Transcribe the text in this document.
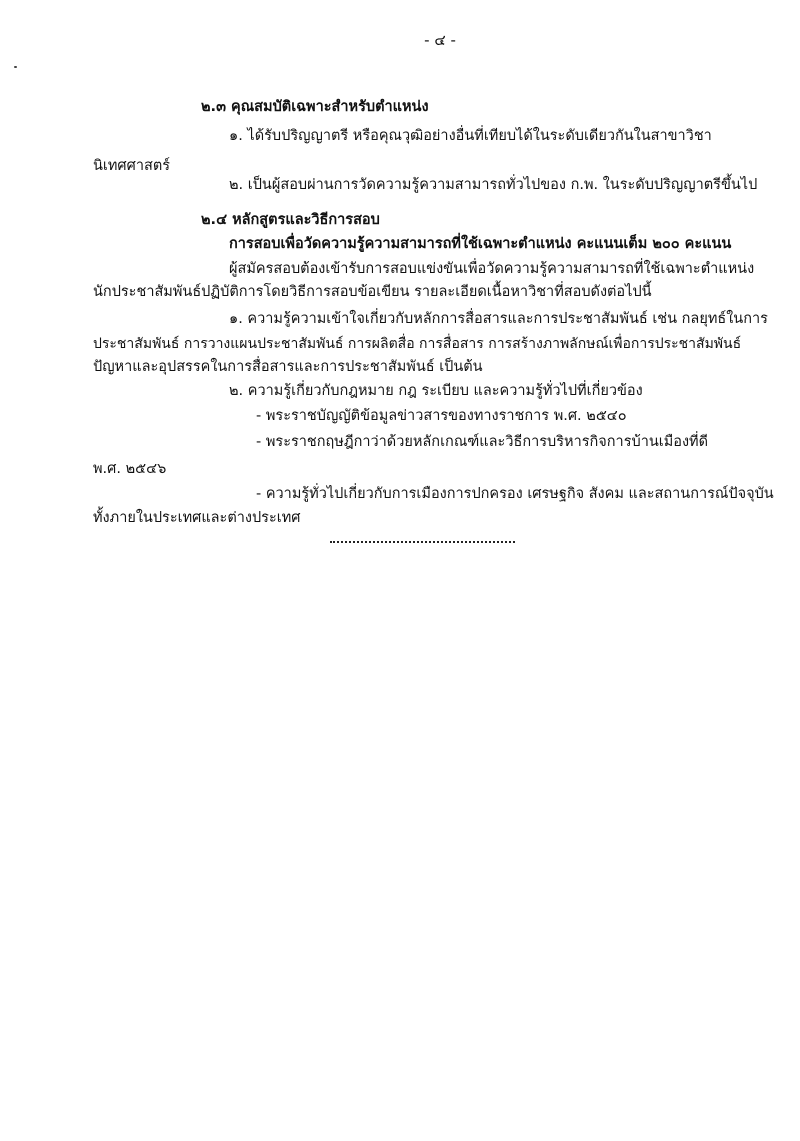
- ๔ -
๒.๓ คุณสมบัติเฉพาะสำหรับตำแหน่ง
๑. ได้รับปริญญาตรี หรือคุณวุฒิอย่างอื่นที่เทียบได้ในระดับเดียวกันในสาขาวิชา
นิเทศศาสตร์
๒. เป็นผู้สอบผ่านการวัดความรู้ความสามารถทั่วไปของ ก.พ. ในระดับปริญญาตรีขึ้นไป
๒.๔ หลักสูตรและวิธีการสอบ
การสอบเพื่อวัดความรู้ความสามารถที่ใช้เฉพาะตำแหน่ง คะแนนเต็ม ๒๐๐ คะแนน
ผู้สมัครสอบต้องเข้ารับการสอบแข่งขันเพื่อวัดความรู้ความสามารถที่ใช้เฉพาะตำแหน่ง
นักประชาสัมพันธ์ปฏิบัติการโดยวิธีการสอบข้อเขียน รายละเอียดเนื้อหาวิชาที่สอบดังต่อไปนี้
๑. ความรู้ความเข้าใจเกี่ยวกับหลักการสื่อสารและการประชาสัมพันธ์ เช่น กลยุทธ์ในการ
ประชาสัมพันธ์ การวางแผนประชาสัมพันธ์ การผลิตสื่อ การสื่อสาร การสร้างภาพลักษณ์เพื่อการประชาสัมพันธ์
ปัญหาและอุปสรรคในการสื่อสารและการประชาสัมพันธ์ เป็นต้น
๒. ความรู้เกี่ยวกับกฎหมาย กฎ ระเบียบ และความรู้ทั่วไปที่เกี่ยวข้อง
- พระราชบัญญัติข้อมูลข่าวสารของทางราชการ พ.ศ. ๒๕๔๐
- พระราชกฤษฎีกาว่าด้วยหลักเกณฑ์และวิธีการบริหารกิจการบ้านเมืองที่ดี
พ.ศ. ๒๕๔๖
- ความรู้ทั่วไปเกี่ยวกับการเมืองการปกครอง เศรษฐกิจ สังคม และสถานการณ์ปัจจุบัน
ทั้งภายในประเทศและต่างประเทศ
